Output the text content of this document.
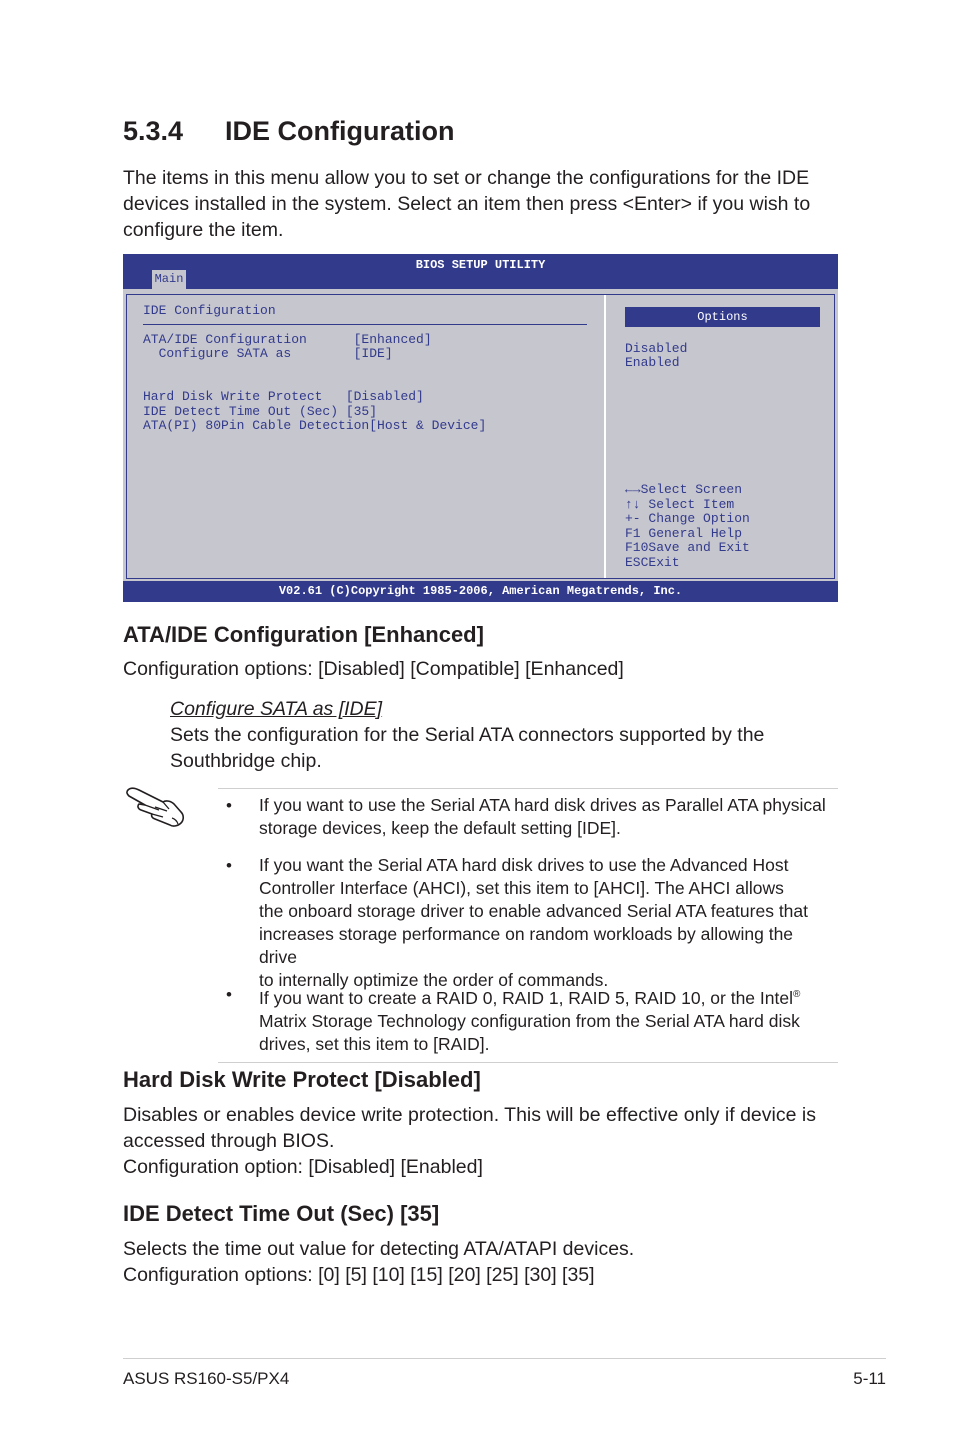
5.3.4 IDE Configuration
The items in this menu allow you to set or change the configurations for the IDE
devices installed in the system. Select an item then press <Enter> if you wish to
configure the item.
BIOS SETUP UTILITY
Main
IDE Configuration
ATA/IDE Configuration      [Enhanced]
Configure SATA as        [IDE]
Hard Disk Write Protect   [Disabled]
IDE Detect Time Out (Sec) [35]
ATA(PI) 80Pin Cable Detection[Host & Device]
Options
Disabled
Enabled
←→Select Screen
↑↓ Select Item
+- Change Option
F1 General Help
F10Save and Exit
ESCExit
V02.61 (C)Copyright 1985-2006, American Megatrends, Inc.
ATA/IDE Configuration [Enhanced]
Configuration options: [Disabled] [Compatible] [Enhanced]
Configure SATA as [IDE]
Sets the configuration for the Serial ATA connectors supported by the
Southbridge chip.
• If you want to use the Serial ATA hard disk drives as Parallel ATA physical
storage devices, keep the default setting [IDE].
• If you want the Serial ATA hard disk drives to use the Advanced Host
Controller Interface (AHCI), set this item to [AHCI]. The AHCI allows
the onboard storage driver to enable advanced Serial ATA features that
increases storage performance on random workloads by allowing the drive
to internally optimize the order of commands.
• If you want to create a RAID 0, RAID 1, RAID 5, RAID 10, or the Intel®
Matrix Storage Technology configuration from the Serial ATA hard disk
drives, set this item to [RAID].
Hard Disk Write Protect [Disabled]
Disables or enables device write protection. This will be effective only if device is
accessed through BIOS.
Configuration option: [Disabled] [Enabled]
IDE Detect Time Out (Sec) [35]
Selects the time out value for detecting ATA/ATAPI devices.
Configuration options: [0] [5] [10] [15] [20] [25] [30] [35]
ASUS RS160-S5/PX4	5-11
